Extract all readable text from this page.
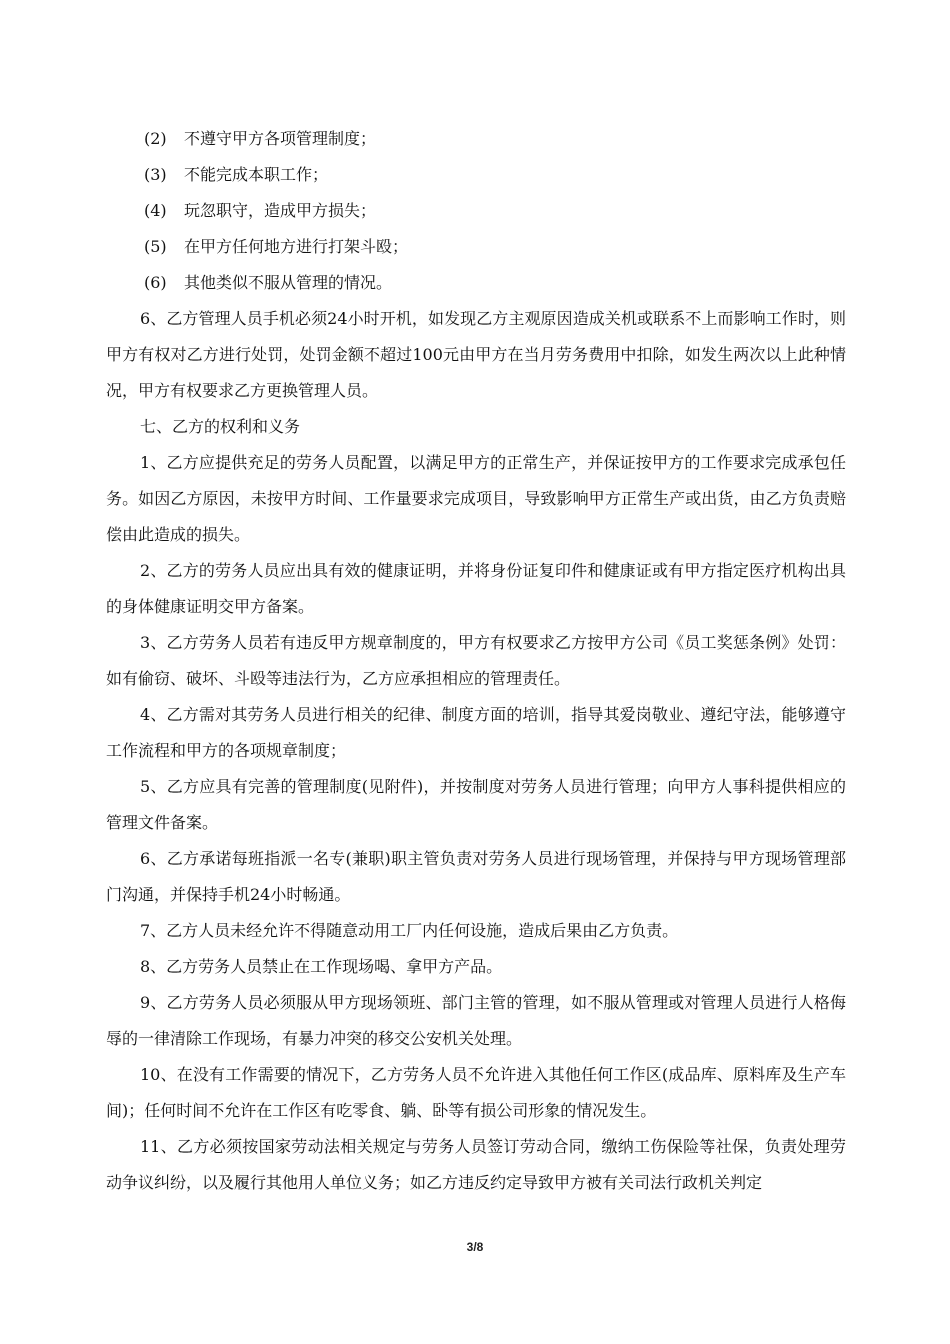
(2)	不遵守甲方各项管理制度；
(3)	不能完成本职工作；
(4)	玩忽职守，造成甲方损失；
(5)	在甲方任何地方进行打架斗殴；
(6)	其他类似不服从管理的情况。

6、乙方管理人员手机必须24小时开机，如发现乙方主观原因造成关机或联系不上而影响工作时，则甲方有权对乙方进行处罚，处罚金额不超过100元由甲方在当月劳务费用中扣除，如发生两次以上此种情况，甲方有权要求乙方更换管理人员。

七、乙方的权利和义务

1、乙方应提供充足的劳务人员配置，以满足甲方的正常生产，并保证按甲方的工作要求完成承包任务。如因乙方原因，未按甲方时间、工作量要求完成项目，导致影响甲方正常生产或出货，由乙方负责赔偿由此造成的损失。

2、乙方的劳务人员应出具有效的健康证明，并将身份证复印件和健康证或有甲方指定医疗机构出具的身体健康证明交甲方备案。

3、乙方劳务人员若有违反甲方规章制度的，甲方有权要求乙方按甲方公司《员工奖惩条例》处罚：如有偷窃、破坏、斗殴等违法行为，乙方应承担相应的管理责任。

4、乙方需对其劳务人员进行相关的纪律、制度方面的培训，指导其爱岗敬业、遵纪守法，能够遵守工作流程和甲方的各项规章制度；

5、乙方应具有完善的管理制度(见附件)，并按制度对劳务人员进行管理；向甲方人事科提供相应的管理文件备案。

6、乙方承诺每班指派一名专(兼职)职主管负责对劳务人员进行现场管理，并保持与甲方现场管理部门沟通，并保持手机24小时畅通。

7、乙方人员未经允许不得随意动用工厂内任何设施，造成后果由乙方负责。

8、乙方劳务人员禁止在工作现场喝、拿甲方产品。

9、乙方劳务人员必须服从甲方现场领班、部门主管的管理，如不服从管理或对管理人员进行人格侮辱的一律清除工作现场，有暴力冲突的移交公安机关处理。

10、在没有工作需要的情况下，乙方劳务人员不允许进入其他任何工作区(成品库、原料库及生产车间)；任何时间不允许在工作区有吃零食、躺、卧等有损公司形象的情况发生。

11、乙方必须按国家劳动法相关规定与劳务人员签订劳动合同，缴纳工伤保险等社保，负责处理劳动争议纠纷，以及履行其他用人单位义务；如乙方违反约定导致甲方被有关司法行政机关判定

3/8
